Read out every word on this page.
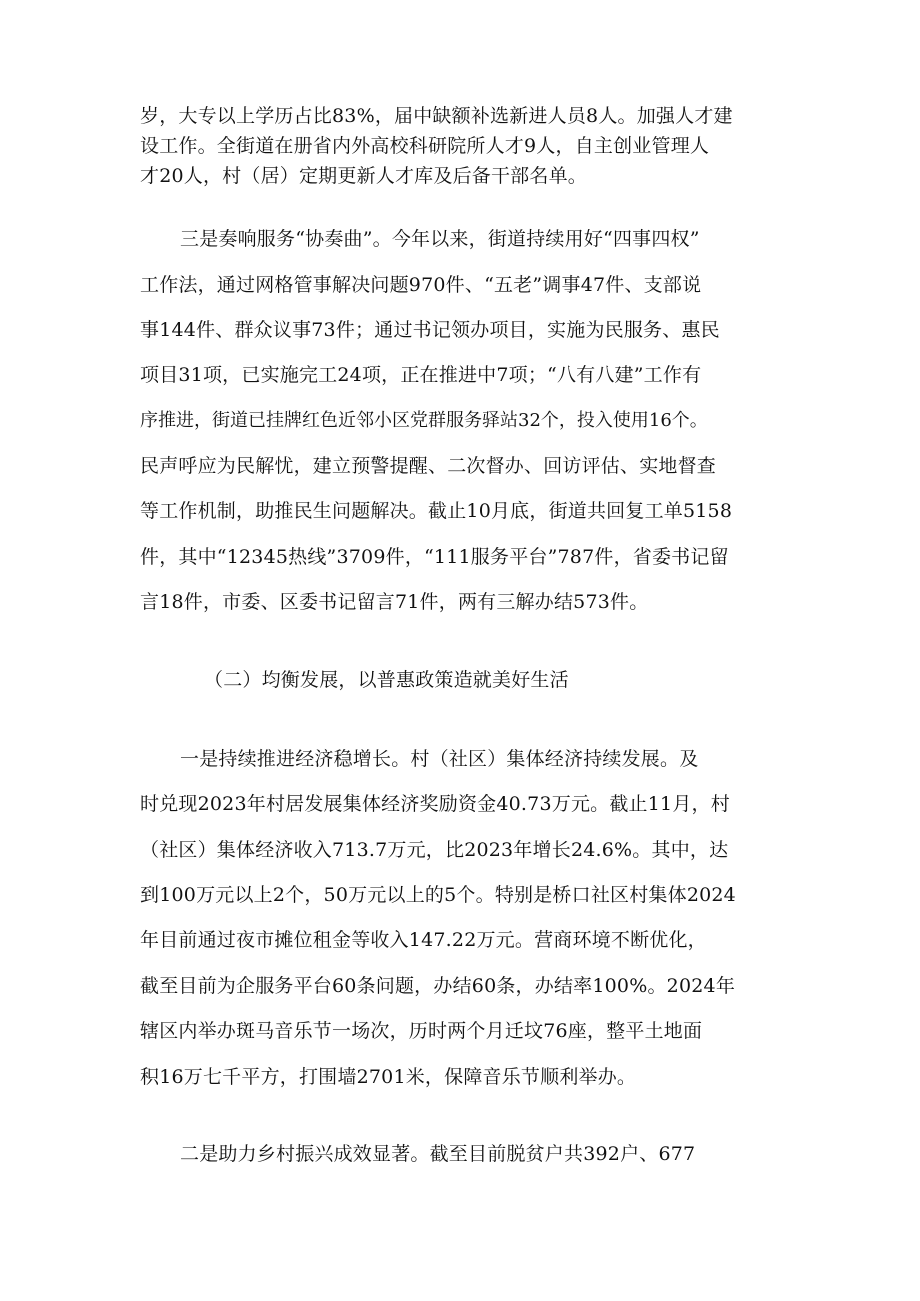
岁，大专以上学历占比83%，届中缺额补选新进人员8人。加强人才建
设工作。全街道在册省内外高校科研院所人才9人，自主创业管理人
才20人，村（居）定期更新人才库及后备干部名单。
三是奏响服务“协奏曲”。今年以来，街道持续用好“四事四权”
工作法，通过网格管事解决问题970件、“五老”调事47件、支部说
事144件、群众议事73件；通过书记领办项目，实施为民服务、惠民
项目31项，已实施完工24项，正在推进中7项；“八有八建”工作有
序推进，街道已挂牌红色近邻小区党群服务驿站32个，投入使用16个。
民声呼应为民解忧，建立预警提醒、二次督办、回访评估、实地督查
等工作机制，助推民生问题解决。截止10月底，街道共回复工单5158
件，其中“12345热线”3709件，“111服务平台”787件，省委书记留
言18件，市委、区委书记留言71件，两有三解办结573件。
（二）均衡发展，以普惠政策造就美好生活
一是持续推进经济稳增长。村（社区）集体经济持续发展。及
时兑现2023年村居发展集体经济奖励资金40.73万元。截止11月，村
（社区）集体经济收入713.7万元，比2023年增长24.6%。其中，达
到100万元以上2个，50万元以上的5个。特别是桥口社区村集体2024
年目前通过夜市摊位租金等收入147.22万元。营商环境不断优化，
截至目前为企服务平台60条问题，办结60条，办结率100%。2024年
辖区内举办斑马音乐节一场次，历时两个月迁坟76座，整平土地面
积16万七千平方，打围墙2701米，保障音乐节顺利举办。
二是助力乡村振兴成效显著。截至目前脱贫户共392户、677
